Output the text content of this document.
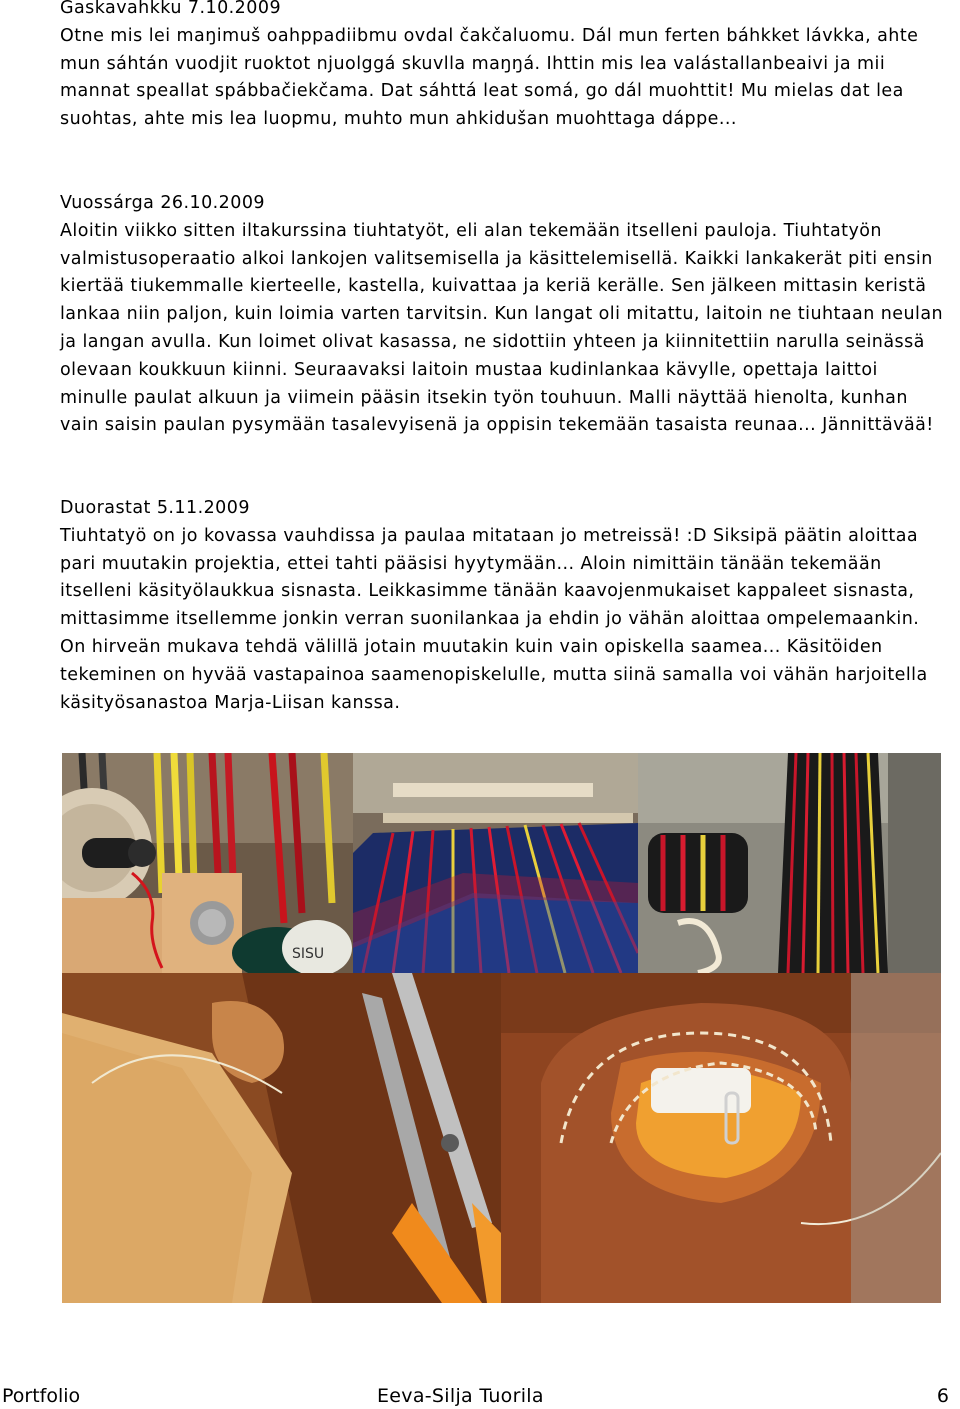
Gaskavahkku 7.10.2009
Otne mis lei maŋimuš oahppadiibmu ovdal čakčaluomu. Dál mun ferten báhkket lávkka, ahte
mun sáhtán vuodjit ruoktot njuolggá skuvlla maŋŋá. Ihttin mis lea valástallanbeaivi ja mii
mannat speallat spábbačiekčama. Dat sáhttá leat somá, go dál muohttit! Mu mielas dat lea
suohtas, ahte mis lea luopmu, muhto mun ahkidušan muohttaga dáppe...
Vuossárga 26.10.2009
Aloitin viikko sitten iltakurssina tiuhtatyöt, eli alan tekemään itselleni pauloja. Tiuhtatyön
valmistusoperaatio alkoi lankojen valitsemisella ja käsittelemisellä. Kaikki lankakerät piti ensin
kiertää tiukemmalle kierteelle, kastella, kuivattaa ja keriä kerälle. Sen jälkeen mittasin keristä
lankaa niin paljon, kuin loimia varten tarvitsin. Kun langat oli mitattu, laitoin ne tiuhtaan neulan
ja langan avulla. Kun loimet olivat kasassa, ne sidottiin yhteen ja kiinnitettiin narulla seinässä
olevaan koukkuun kiinni. Seuraavaksi laitoin mustaa kudinlankaa kävylle, opettaja laittoi
minulle paulat alkuun ja viimein pääsin itsekin työn touhuun. Malli näyttää hienolta, kunhan
vain saisin paulan pysymään tasalevyisenä ja oppisin tekemään tasaista reunaa... Jännittävää!
Duorastat 5.11.2009
Tiuhtatyö on jo kovassa vauhdissa ja paulaa mitataan jo metreissä! :D Siksipä päätin aloittaa
pari muutakin projektia, ettei tahti pääsisi hyytymään... Aloin nimittäin tänään tekemään
itselleni käsityölaukkua sisnasta. Leikkasimme tänään kaavojenmukaiset kappaleet sisnasta,
mittasimme itsellemme jonkin verran suonilankaa ja ehdin jo vähän aloittaa ompelemaankin.
On hirveän mukava tehdä välillä jotain muutakin kuin vain opiskella saamea... Käsitöiden
tekeminen on hyvää vastapainoa saamenopiskelulle, mutta siinä samalla voi vähän harjoitella
käsityösanastoa Marja-Liisan kanssa.
SISU
Portfolio	Eeva-Silja Tuorila	6
